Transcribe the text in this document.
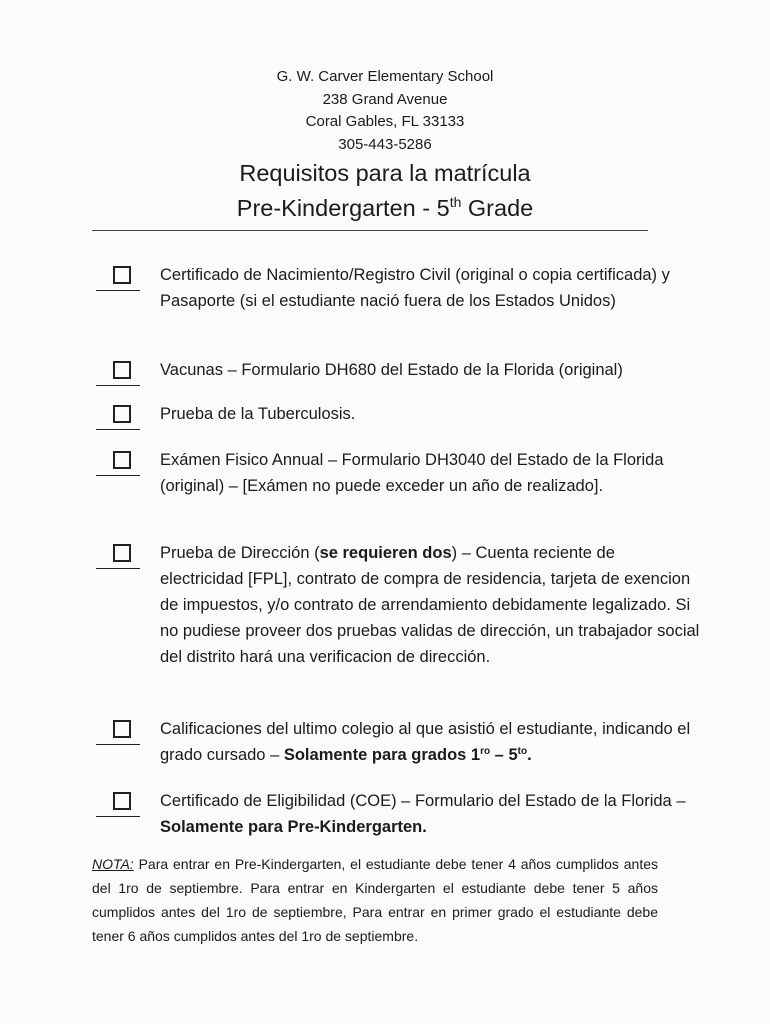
G. W. Carver Elementary School
238 Grand Avenue
Coral Gables, FL 33133
305-443-5286
Requisitos para la matrícula
Pre-Kindergarten - 5th Grade
Certificado de Nacimiento/Registro Civil (original o copia certificada) y Pasaporte (si el estudiante nació fuera de los Estados Unidos)
Vacunas – Formulario DH680 del Estado de la Florida (original)
Prueba de la Tuberculosis.
Exámen Fisico Annual – Formulario DH3040 del Estado de la Florida (original) – [Exámen no puede exceder un año de realizado].
Prueba de Dirección (se requieren dos) – Cuenta reciente de electricidad [FPL], contrato de compra de residencia, tarjeta de exencion de impuestos, y/o contrato de arrendamiento debidamente legalizado. Si no pudiese proveer dos pruebas validas de dirección, un trabajador social del distrito hará una verificacion de dirección.
Calificaciones del ultimo colegio al que asistió el estudiante, indicando el grado cursado – Solamente para grados $1^{ro} - 5^{to}$.
Certificado de Eligibilidad (COE) – Formulario del Estado de la Florida – Solamente para Pre-Kindergarten.
NOTA: Para entrar en Pre-Kindergarten, el estudiante debe tener 4 años cumplidos antes del 1ro de septiembre. Para entrar en Kindergarten el estudiante debe tener 5 años cumplidos antes del 1ro de septiembre, Para entrar en primer grado el estudiante debe tener 6 años cumplidos antes del 1ro de septiembre.
